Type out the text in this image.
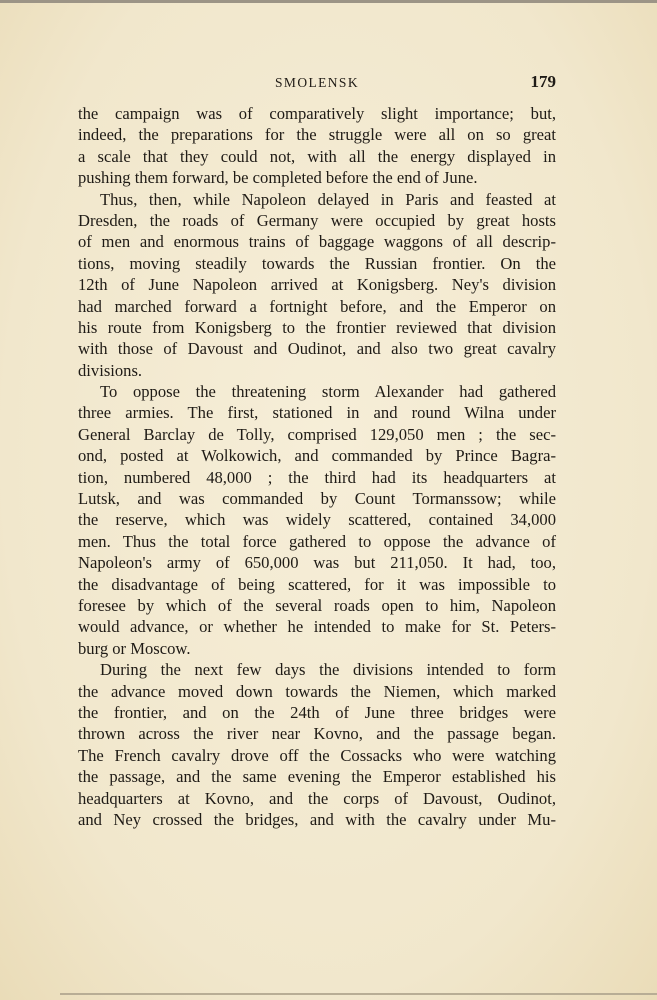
SMOLENSK	179
the campaign was of comparatively slight importance; but,
indeed, the preparations for the struggle were all on so great
a scale that they could not, with all the energy displayed in
pushing them forward, be completed before the end of June.
Thus, then, while Napoleon delayed in Paris and feasted at
Dresden, the roads of Germany were occupied by great hosts
of men and enormous trains of baggage waggons of all descrip-
tions, moving steadily towards the Russian frontier. On the
12th of June Napoleon arrived at Konigsberg. Ney's division
had marched forward a fortnight before, and the Emperor on
his route from Konigsberg to the frontier reviewed that division
with those of Davoust and Oudinot, and also two great cavalry
divisions.
To oppose the threatening storm Alexander had gathered
three armies. The first, stationed in and round Wilna under
General Barclay de Tolly, comprised 129,050 men ; the sec-
ond, posted at Wolkowich, and commanded by Prince Bagra-
tion, numbered 48,000 ; the third had its headquarters at
Lutsk, and was commanded by Count Tormanssow; while
the reserve, which was widely scattered, contained 34,000
men. Thus the total force gathered to oppose the advance of
Napoleon's army of 650,000 was but 211,050. It had, too,
the disadvantage of being scattered, for it was impossible to
foresee by which of the several roads open to him, Napoleon
would advance, or whether he intended to make for St. Peters-
burg or Moscow.
During the next few days the divisions intended to form
the advance moved down towards the Niemen, which marked
the frontier, and on the 24th of June three bridges were
thrown across the river near Kovno, and the passage began.
The French cavalry drove off the Cossacks who were watching
the passage, and the same evening the Emperor established his
headquarters at Kovno, and the corps of Davoust, Oudinot,
and Ney crossed the bridges, and with the cavalry under Mu-
